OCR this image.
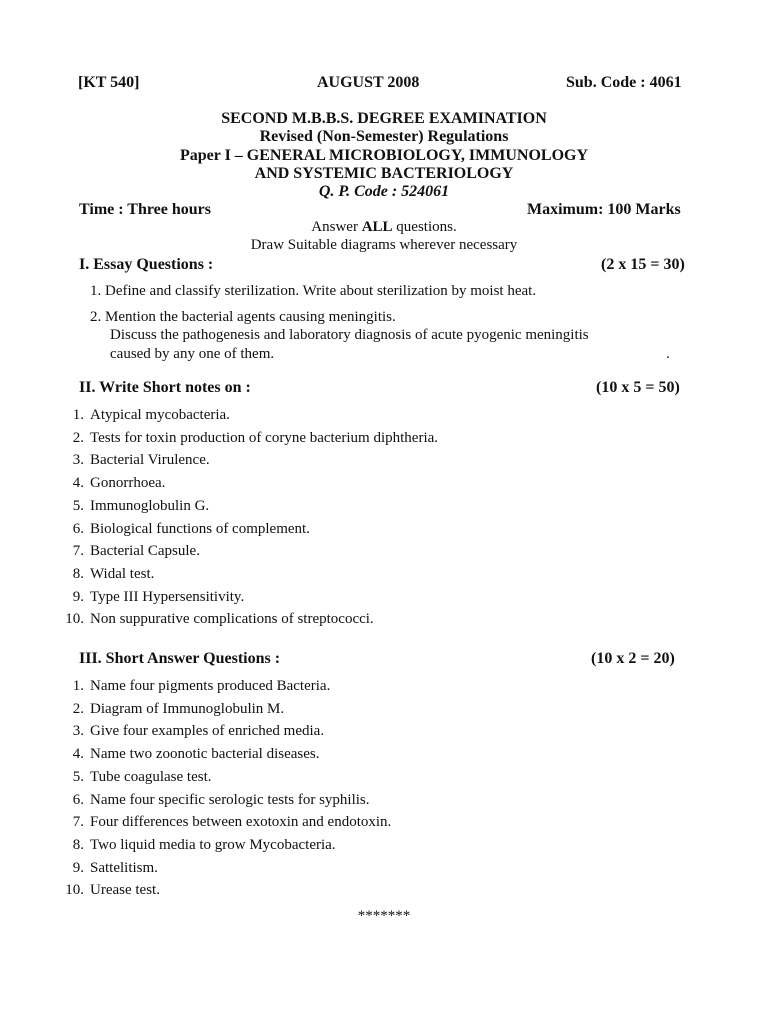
[KT 540]	AUGUST 2008	Sub. Code : 4061
SECOND M.B.B.S. DEGREE EXAMINATION
Revised (Non-Semester) Regulations
Paper I – GENERAL MICROBIOLOGY, IMMUNOLOGY
AND SYSTEMIC BACTERIOLOGY
Q. P. Code : 524061
Time : Three hours	Maximum: 100 Marks
Answer ALL questions.
Draw Suitable diagrams wherever necessary
I. Essay Questions :	(2 x 15 = 30)
1. Define and classify sterilization. Write about sterilization by moist heat.
2. Mention the bacterial agents causing meningitis.
Discuss the pathogenesis and laboratory diagnosis of acute pyogenic meningitis
caused by any one of them.	.
II. Write Short notes on :	(10 x 5 = 50)
1. Atypical mycobacteria.
2. Tests for toxin production of coryne bacterium diphtheria.
3. Bacterial Virulence.
4. Gonorrhoea.
5. Immunoglobulin G.
6. Biological functions of complement.
7. Bacterial Capsule.
8. Widal test.
9. Type III Hypersensitivity.
10. Non suppurative complications of streptococci.
III. Short Answer Questions :	(10 x 2 = 20)
1. Name four pigments produced Bacteria.
2. Diagram of Immunoglobulin M.
3. Give four examples of enriched media.
4. Name two zoonotic bacterial diseases.
5. Tube coagulase test.
6. Name four specific serologic tests for syphilis.
7. Four differences between exotoxin and endotoxin.
8. Two liquid media to grow Mycobacteria.
9. Sattelitism.
10. Urease test.
*******
